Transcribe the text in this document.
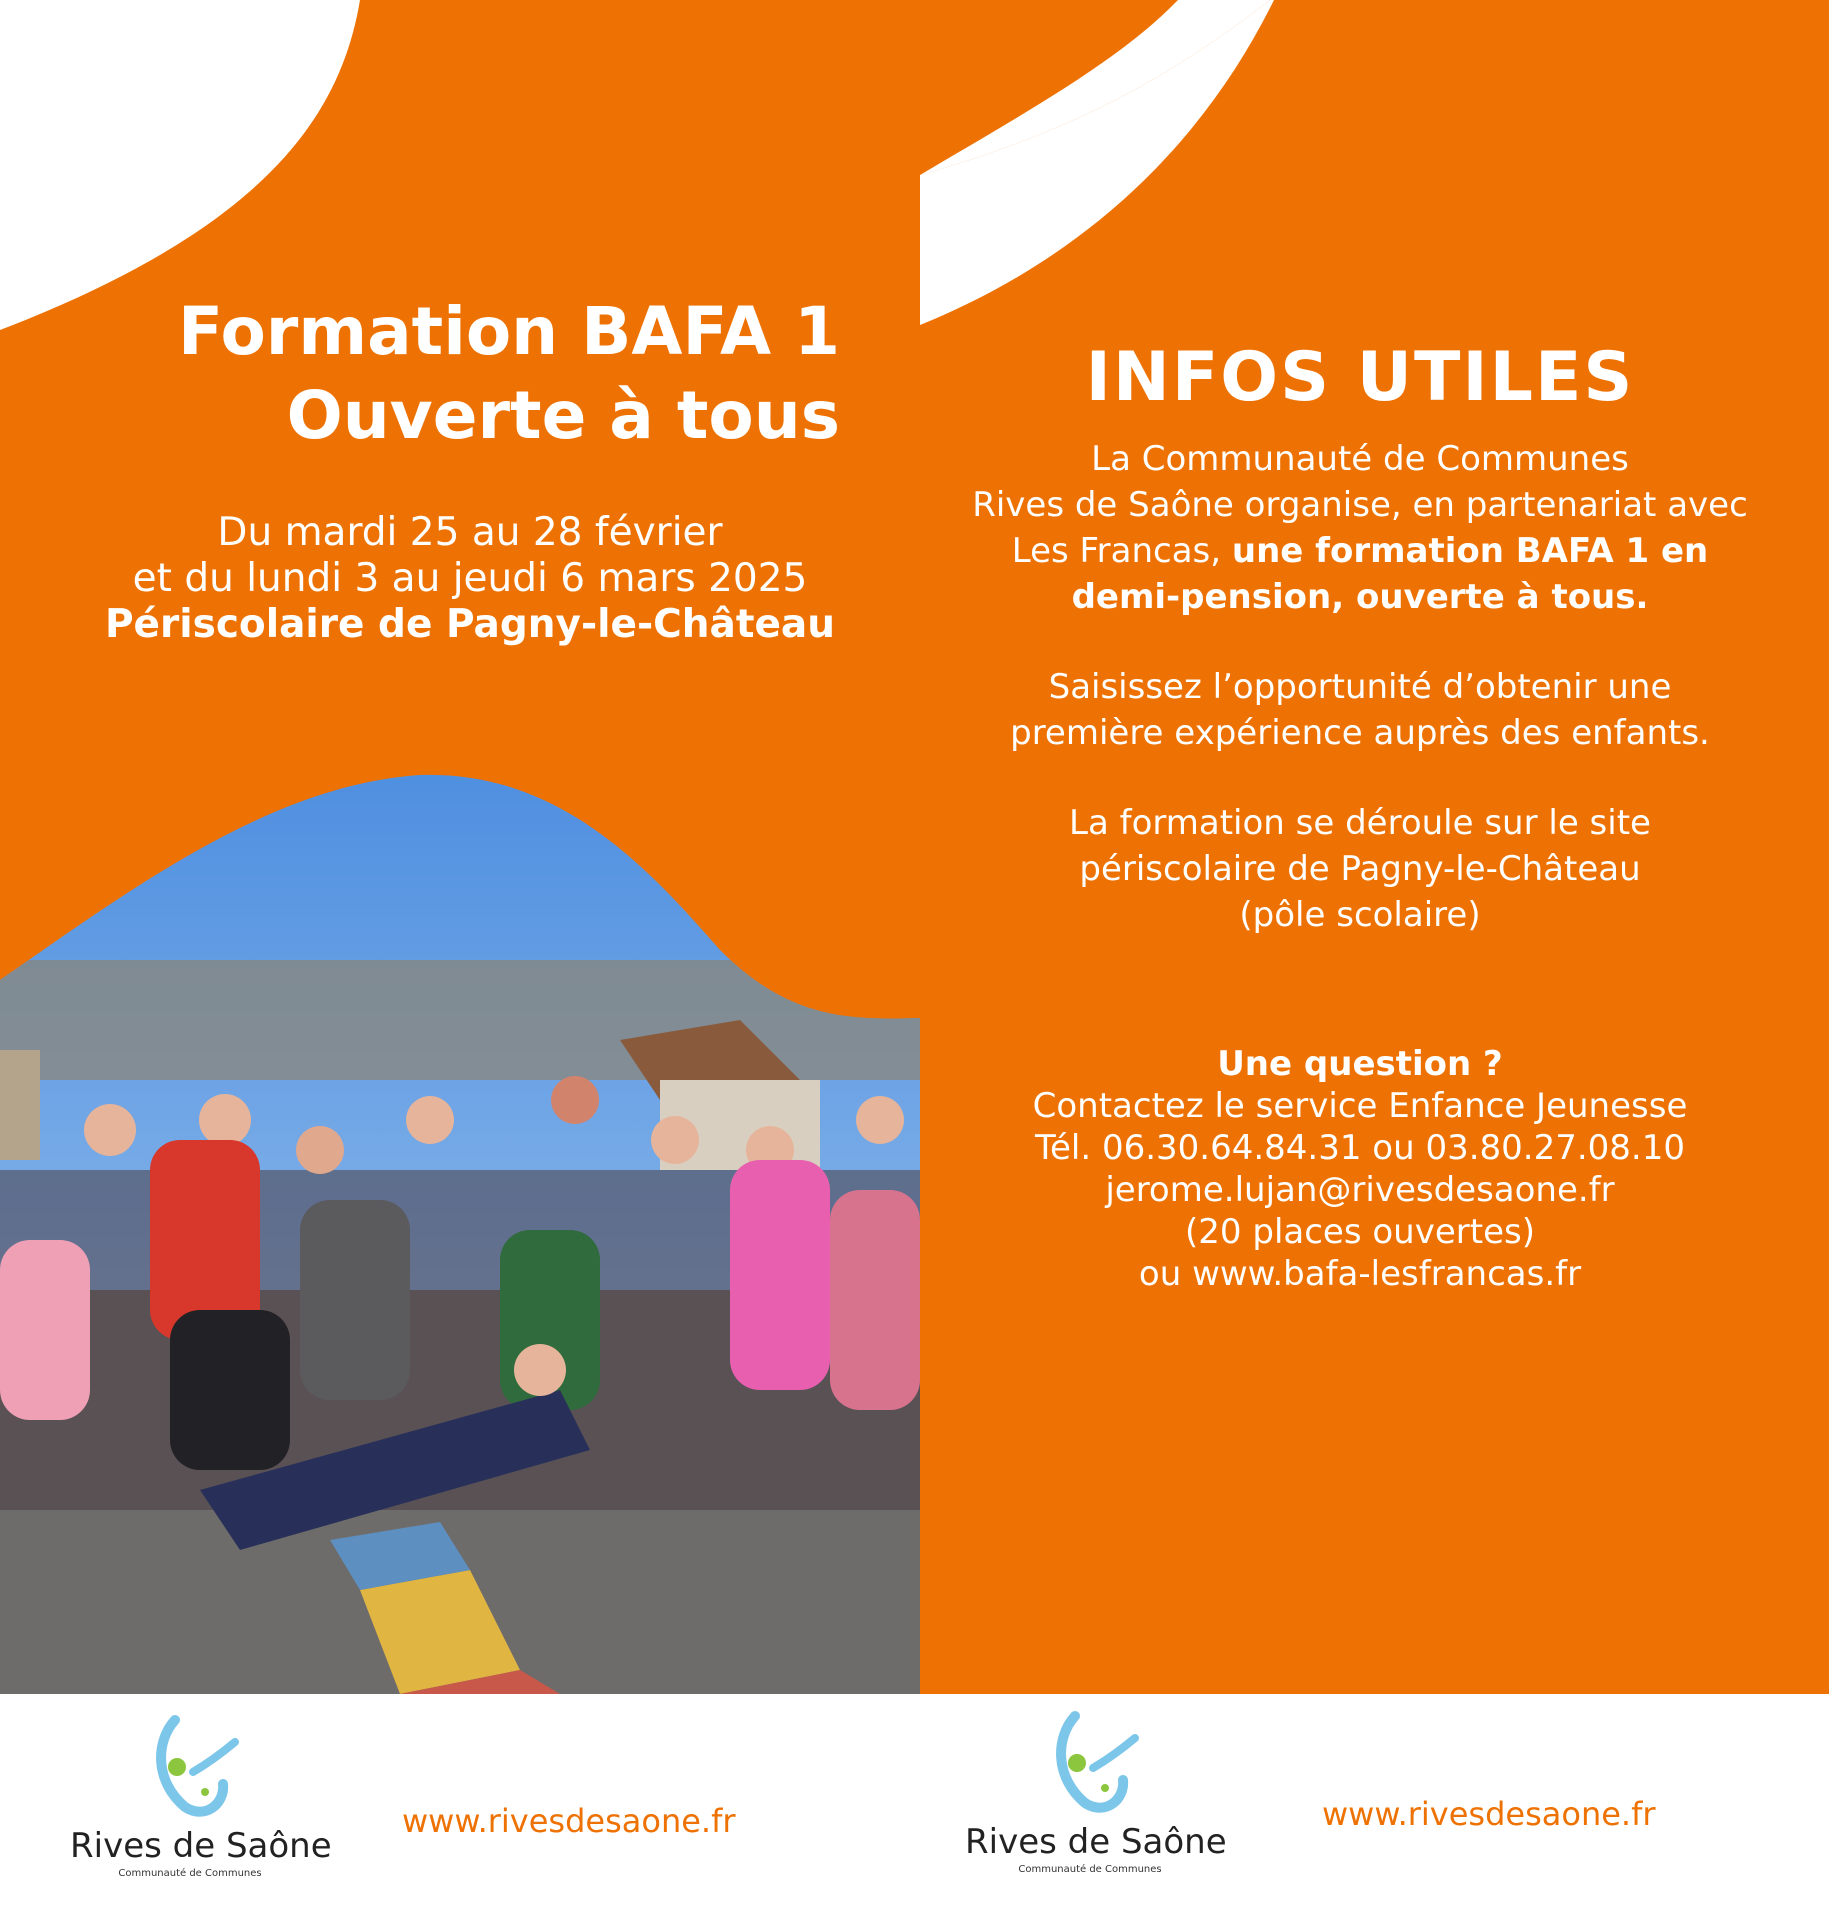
Formation BAFA 1
Ouverte à tous
Du mardi 25 au 28 février
et du lundi 3 au jeudi 6 mars 2025
Périscolaire de Pagny-le-Château
INFOS UTILES

La Communauté de Communes

Rives de Saône organise, en partenariat avec

Les Francas, une formation BAFA 1 en

demi-pension, ouverte à tous.

Saisissez l’opportunité d’obtenir une

première expérience auprès des enfants.

La formation se déroule sur le site

périscolaire de Pagny-le-Château

(pôle scolaire)

Une question ?
Contactez le service Enfance Jeunesse
Tél. 06.30.64.84.31 ou 03.80.27.08.10
jerome.lujan@rivesdesaone.fr
(20 places ouvertes)
ou www.bafa-lesfrancas.fr
Rives de Saône
Communauté de Communes
www.rivesdesaone.fr
Rives de Saône
Communauté de Communes
www.rivesdesaone.fr
